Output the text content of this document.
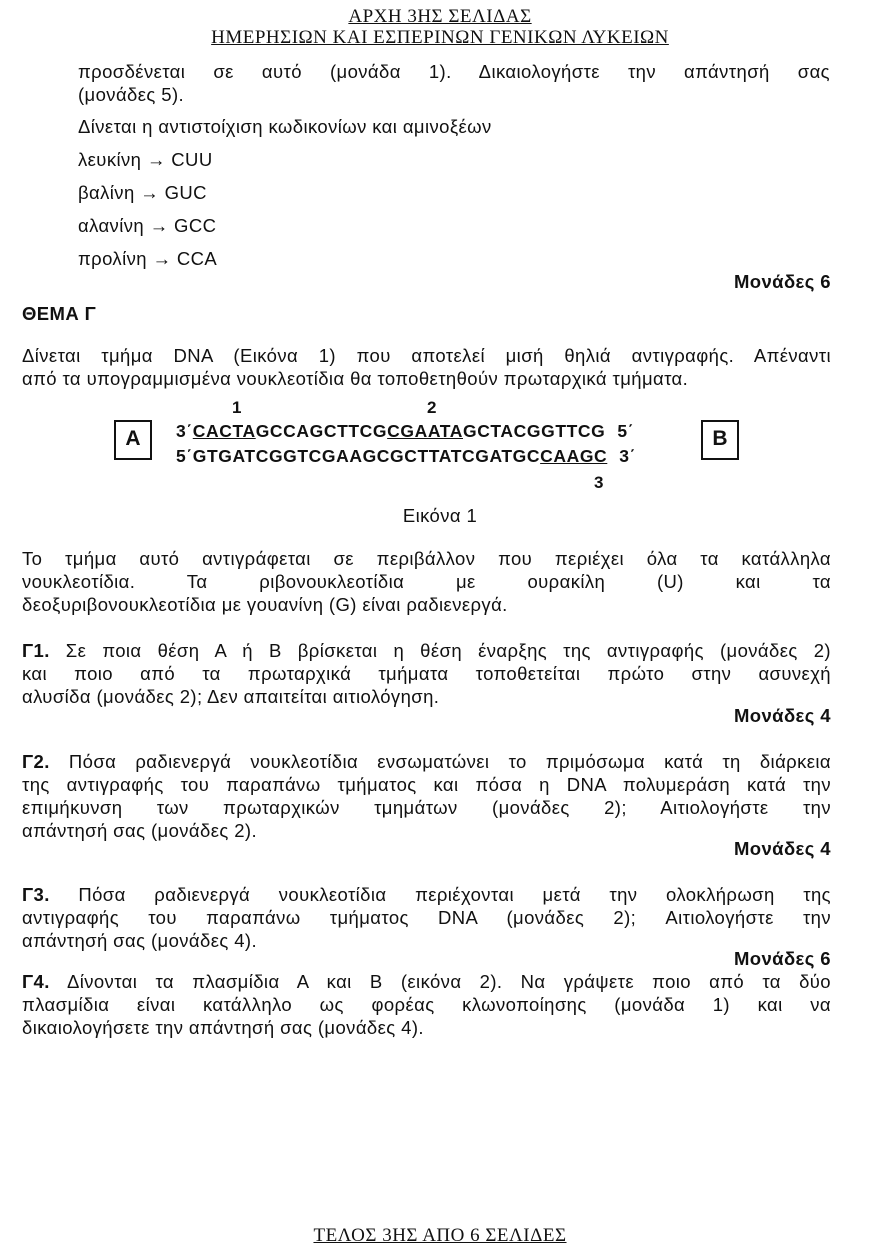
ΑΡΧΗ 3ΗΣ ΣΕΛΙΔΑΣ
ΗΜΕΡΗΣΙΩΝ ΚΑΙ ΕΣΠΕΡΙΝΩΝ ΓΕΝΙΚΩΝ ΛΥΚΕΙΩΝ
προσδένεται σε αυτό (μονάδα 1). Δικαιολογήστε την απάντησή σας
(μονάδες 5).
Δίνεται η αντιστοίχιση κωδικονίων και αμινοξέων
λευκίνη → CUU
βαλίνη → GUC
αλανίνη → GCC
προλίνη → CCA
Μονάδες 6
ΘΕΜΑ Γ
Δίνεται τμήμα DNA (Εικόνα 1) που αποτελεί μισή θηλιά αντιγραφής. Απέναντι
από τα υπογραμμισμένα νουκλεοτίδια θα τοποθετηθούν πρωταρχικά τμήματα.
A	B
1	2
3
3΄CACTAGCCAGCTTCGCGAATAGCTACGGTTCG 5΄
5΄GTGATCGGTCGAAGCGCTTATCGATGCCAAGC 3΄
Εικόνα 1
Το τμήμα αυτό αντιγράφεται σε περιβάλλον που περιέχει όλα τα κατάλληλα
νουκλεοτίδια. Τα ριβονουκλεοτίδια με ουρακίλη (U) και τα
δεοξυριβονουκλεοτίδια με γουανίνη (G) είναι ραδιενεργά.
Γ1. Σε ποια θέση Α ή Β βρίσκεται η θέση έναρξης της αντιγραφής (μονάδες 2)
και ποιο από τα πρωταρχικά τμήματα τοποθετείται πρώτο στην ασυνεχή
αλυσίδα (μονάδες 2); Δεν απαιτείται αιτιολόγηση.
Μονάδες 4
Γ2. Πόσα ραδιενεργά νουκλεοτίδια ενσωματώνει το πριμόσωμα κατά τη διάρκεια
της αντιγραφής του παραπάνω τμήματος και πόσα η DNA πολυμεράση κατά την
επιμήκυνση των πρωταρχικών τμημάτων (μονάδες 2); Αιτιολογήστε την
απάντησή σας (μονάδες 2).
Μονάδες 4
Γ3. Πόσα ραδιενεργά νουκλεοτίδια περιέχονται μετά την ολοκλήρωση της
αντιγραφής του παραπάνω τμήματος DNA (μονάδες 2); Αιτιολογήστε την
απάντησή σας (μονάδες 4).
Μονάδες 6
Γ4. Δίνονται τα πλασμίδια Α και Β (εικόνα 2). Να γράψετε ποιο από τα δύο
πλασμίδια είναι κατάλληλο ως φορέας κλωνοποίησης (μονάδα 1) και να
δικαιολογήσετε την απάντησή σας (μονάδες 4).
ΤΕΛΟΣ 3ΗΣ ΑΠΟ 6 ΣΕΛΙΔΕΣ
